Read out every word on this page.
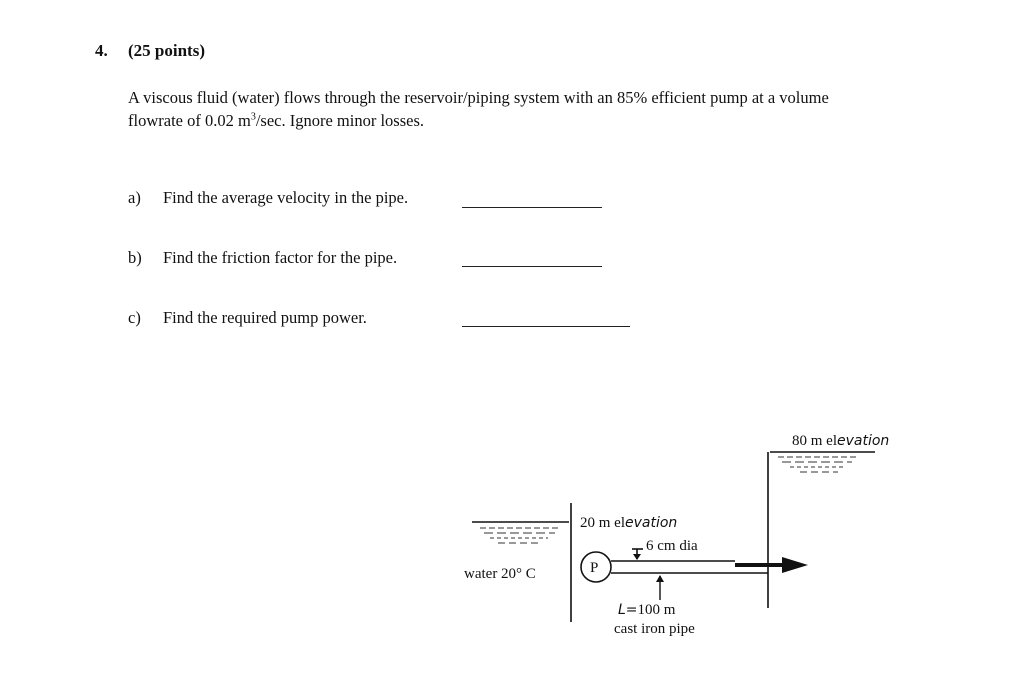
4. (25 points)
A viscous fluid (water) flows through the reservoir/piping system with an 85% efficient pump at a volume
flowrate of 0.02 $m^3/\sec$. Ignore minor losses.
a) Find the average velocity in the pipe.
b) Find the friction factor for the pipe.
c) Find the required pump power.
80 m elevation
20 m elevation
water 20° C	P
6 cm dia
L=100 m
cast iron pipe
